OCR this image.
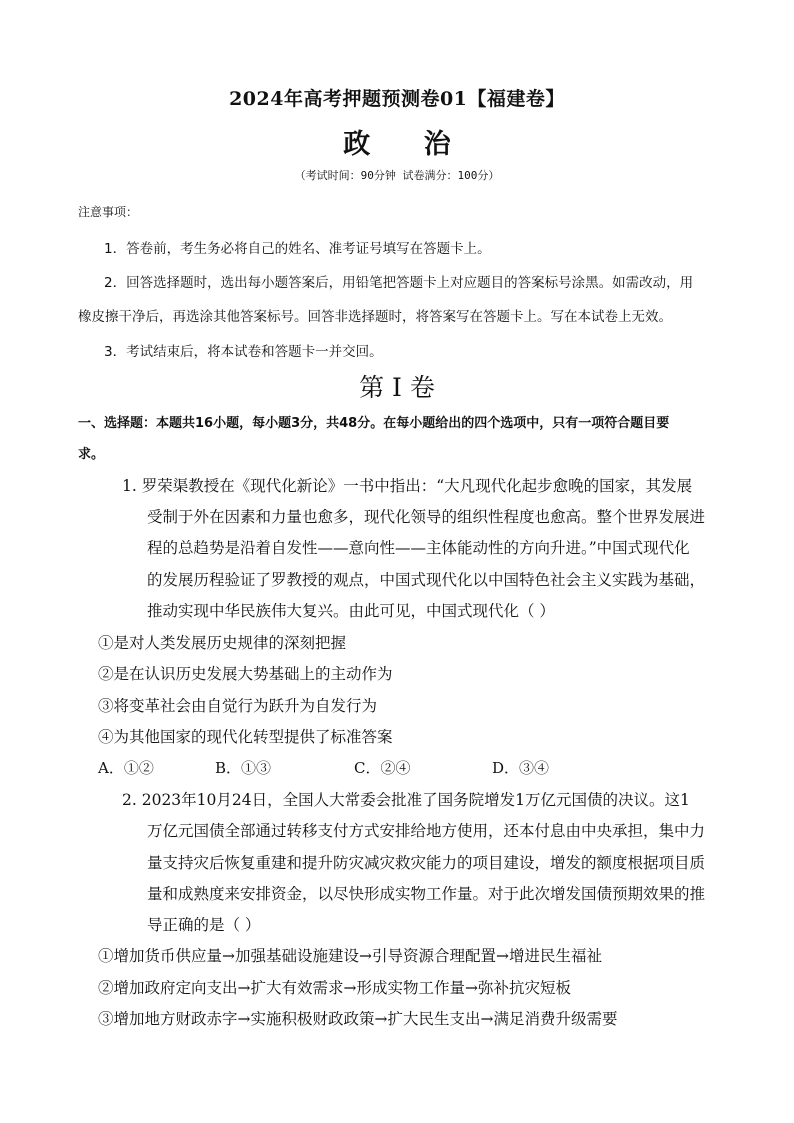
2024年高考押题预测卷01【福建卷】
政 治
（考试时间：90分钟 试卷满分：100分）
注意事项：
1．答卷前，考生务必将自己的姓名、准考证号填写在答题卡上。
2．回答选择题时，选出每小题答案后，用铅笔把答题卡上对应题目的答案标号涂黑。如需改动，用
橡皮擦干净后，再选涂其他答案标号。回答非选择题时，将答案写在答题卡上。写在本试卷上无效。
3．考试结束后，将本试卷和答题卡一并交回。
第 I 卷
一、选择题：本题共16小题，每小题3分，共48分。在每小题给出的四个选项中，只有一项符合题目要
求。
1. 罗荣渠教授在《现代化新论》一书中指出：“大凡现代化起步愈晚的国家，其发展
受制于外在因素和力量也愈多，现代化领导的组织性程度也愈高。整个世界发展进
程的总趋势是沿着自发性——意向性——主体能动性的方向升进。”中国式现代化
的发展历程验证了罗教授的观点，中国式现代化以中国特色社会主义实践为基础，
推动实现中华民族伟大复兴。由此可见，中国式现代化（ ）
①是对人类发展历史规律的深刻把握
②是在认识历史发展大势基础上的主动作为
③将变革社会由自觉行为跃升为自发行为
④为其他国家的现代化转型提供了标准答案
A．①②	B．①③	C．②④	D．③④
2. 2023年10月24日，全国人大常委会批准了国务院增发1万亿元国债的决议。这1
万亿元国债全部通过转移支付方式安排给地方使用，还本付息由中央承担，集中力
量支持灾后恢复重建和提升防灾减灾救灾能力的项目建设，增发的额度根据项目质
量和成熟度来安排资金，以尽快形成实物工作量。对于此次增发国债预期效果的推
导正确的是（ ）
①增加货币供应量→加强基础设施建设→引导资源合理配置→增进民生福祉
②增加政府定向支出→扩大有效需求→形成实物工作量→弥补抗灾短板
③增加地方财政赤字→实施积极财政政策→扩大民生支出→满足消费升级需要
